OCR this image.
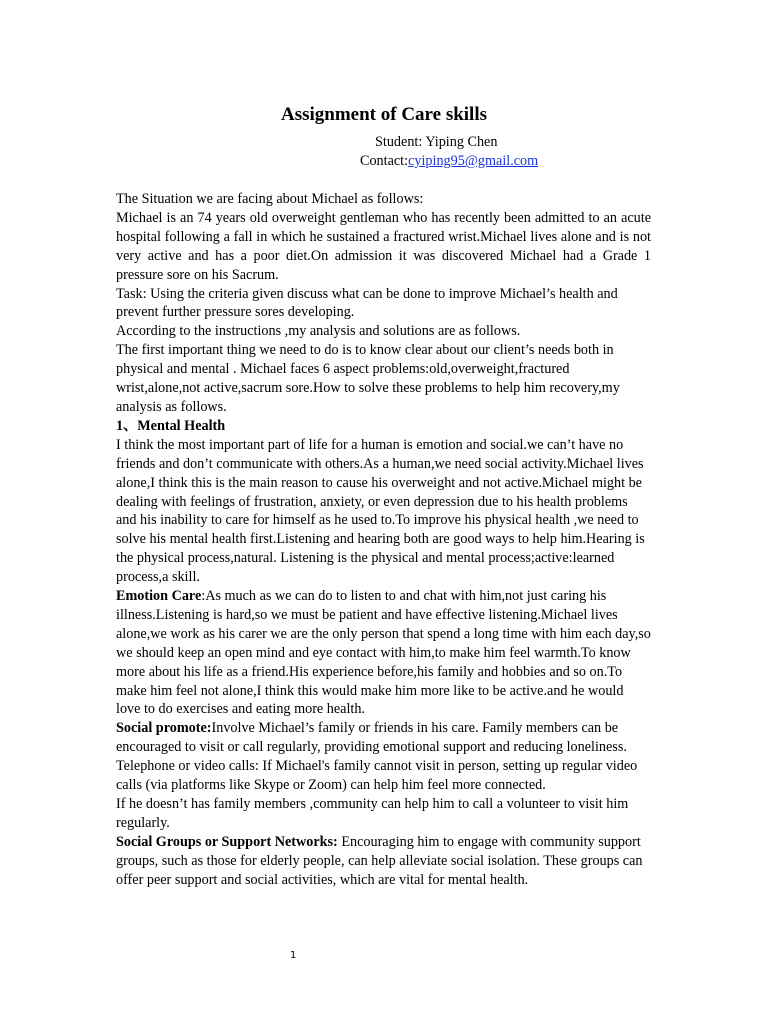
Assignment of Care skills
Student: Yiping Chen
Contact:cyiping95@gmail.com

The Situation we are facing about Michael as follows:

Michael is an 74 years old overweight gentleman who has recently been admitted to an acute hospital following a fall in which he sustained a fractured wrist.Michael lives alone and is not very active and has a poor diet.On admission it was discovered Michael had a Grade 1 pressure sore on his Sacrum.

Task: Using the criteria given discuss what can be done to improve Michael’s health and prevent further pressure sores developing.

According to the instructions ,my analysis and solutions are as follows.

The first important thing we need to do is to know clear about our client’s needs both in physical and mental . Michael faces 6 aspect problems:old,overweight,fractured wrist,alone,not active,sacrum sore.How to solve these problems to help him recovery,my analysis as follows.

1、Mental Health

I think the most important part of life for a human is emotion and social.we can’t have no friends and don’t communicate with others.As a human,we need social activity.Michael lives alone,I think this is the main reason to cause his overweight and not active.Michael might be dealing with feelings of frustration, anxiety, or even depression due to his health problems and his inability to care for himself as he used to.To improve his physical health ,we need to solve his mental health first.Listening and hearing both are good ways to help him.Hearing is the physical process,natural. Listening is the physical and mental process;active:learned process,a skill.

Emotion Care:As much as we can do to listen to and chat with him,not just caring his illness.Listening is hard,so we must be patient and have effective listening.Michael lives alone,we work as his carer we are the only person that spend a long time with him each day,so we should keep an open mind and eye contact with him,to make him feel warmth.To know more about his life as a friend.His experience before,his family and hobbies and so on.To make him feel not alone,I think this would make him more like to be active.and he would love to do exercises and eating more health.

Social promote:Involve Michael’s family or friends in his care. Family members can be encouraged to visit or call regularly, providing emotional support and reducing loneliness.

Telephone or video calls: If Michael's family cannot visit in person, setting up regular video calls (via platforms like Skype or Zoom) can help him feel more connected.

If he doesn’t has family members ,community can help him to call a volunteer to visit him regularly.

Social Groups or Support Networks: Encouraging him to engage with community support groups, such as those for elderly people, can help alleviate social isolation. These groups can offer peer support and social activities, which are vital for mental health.

1
